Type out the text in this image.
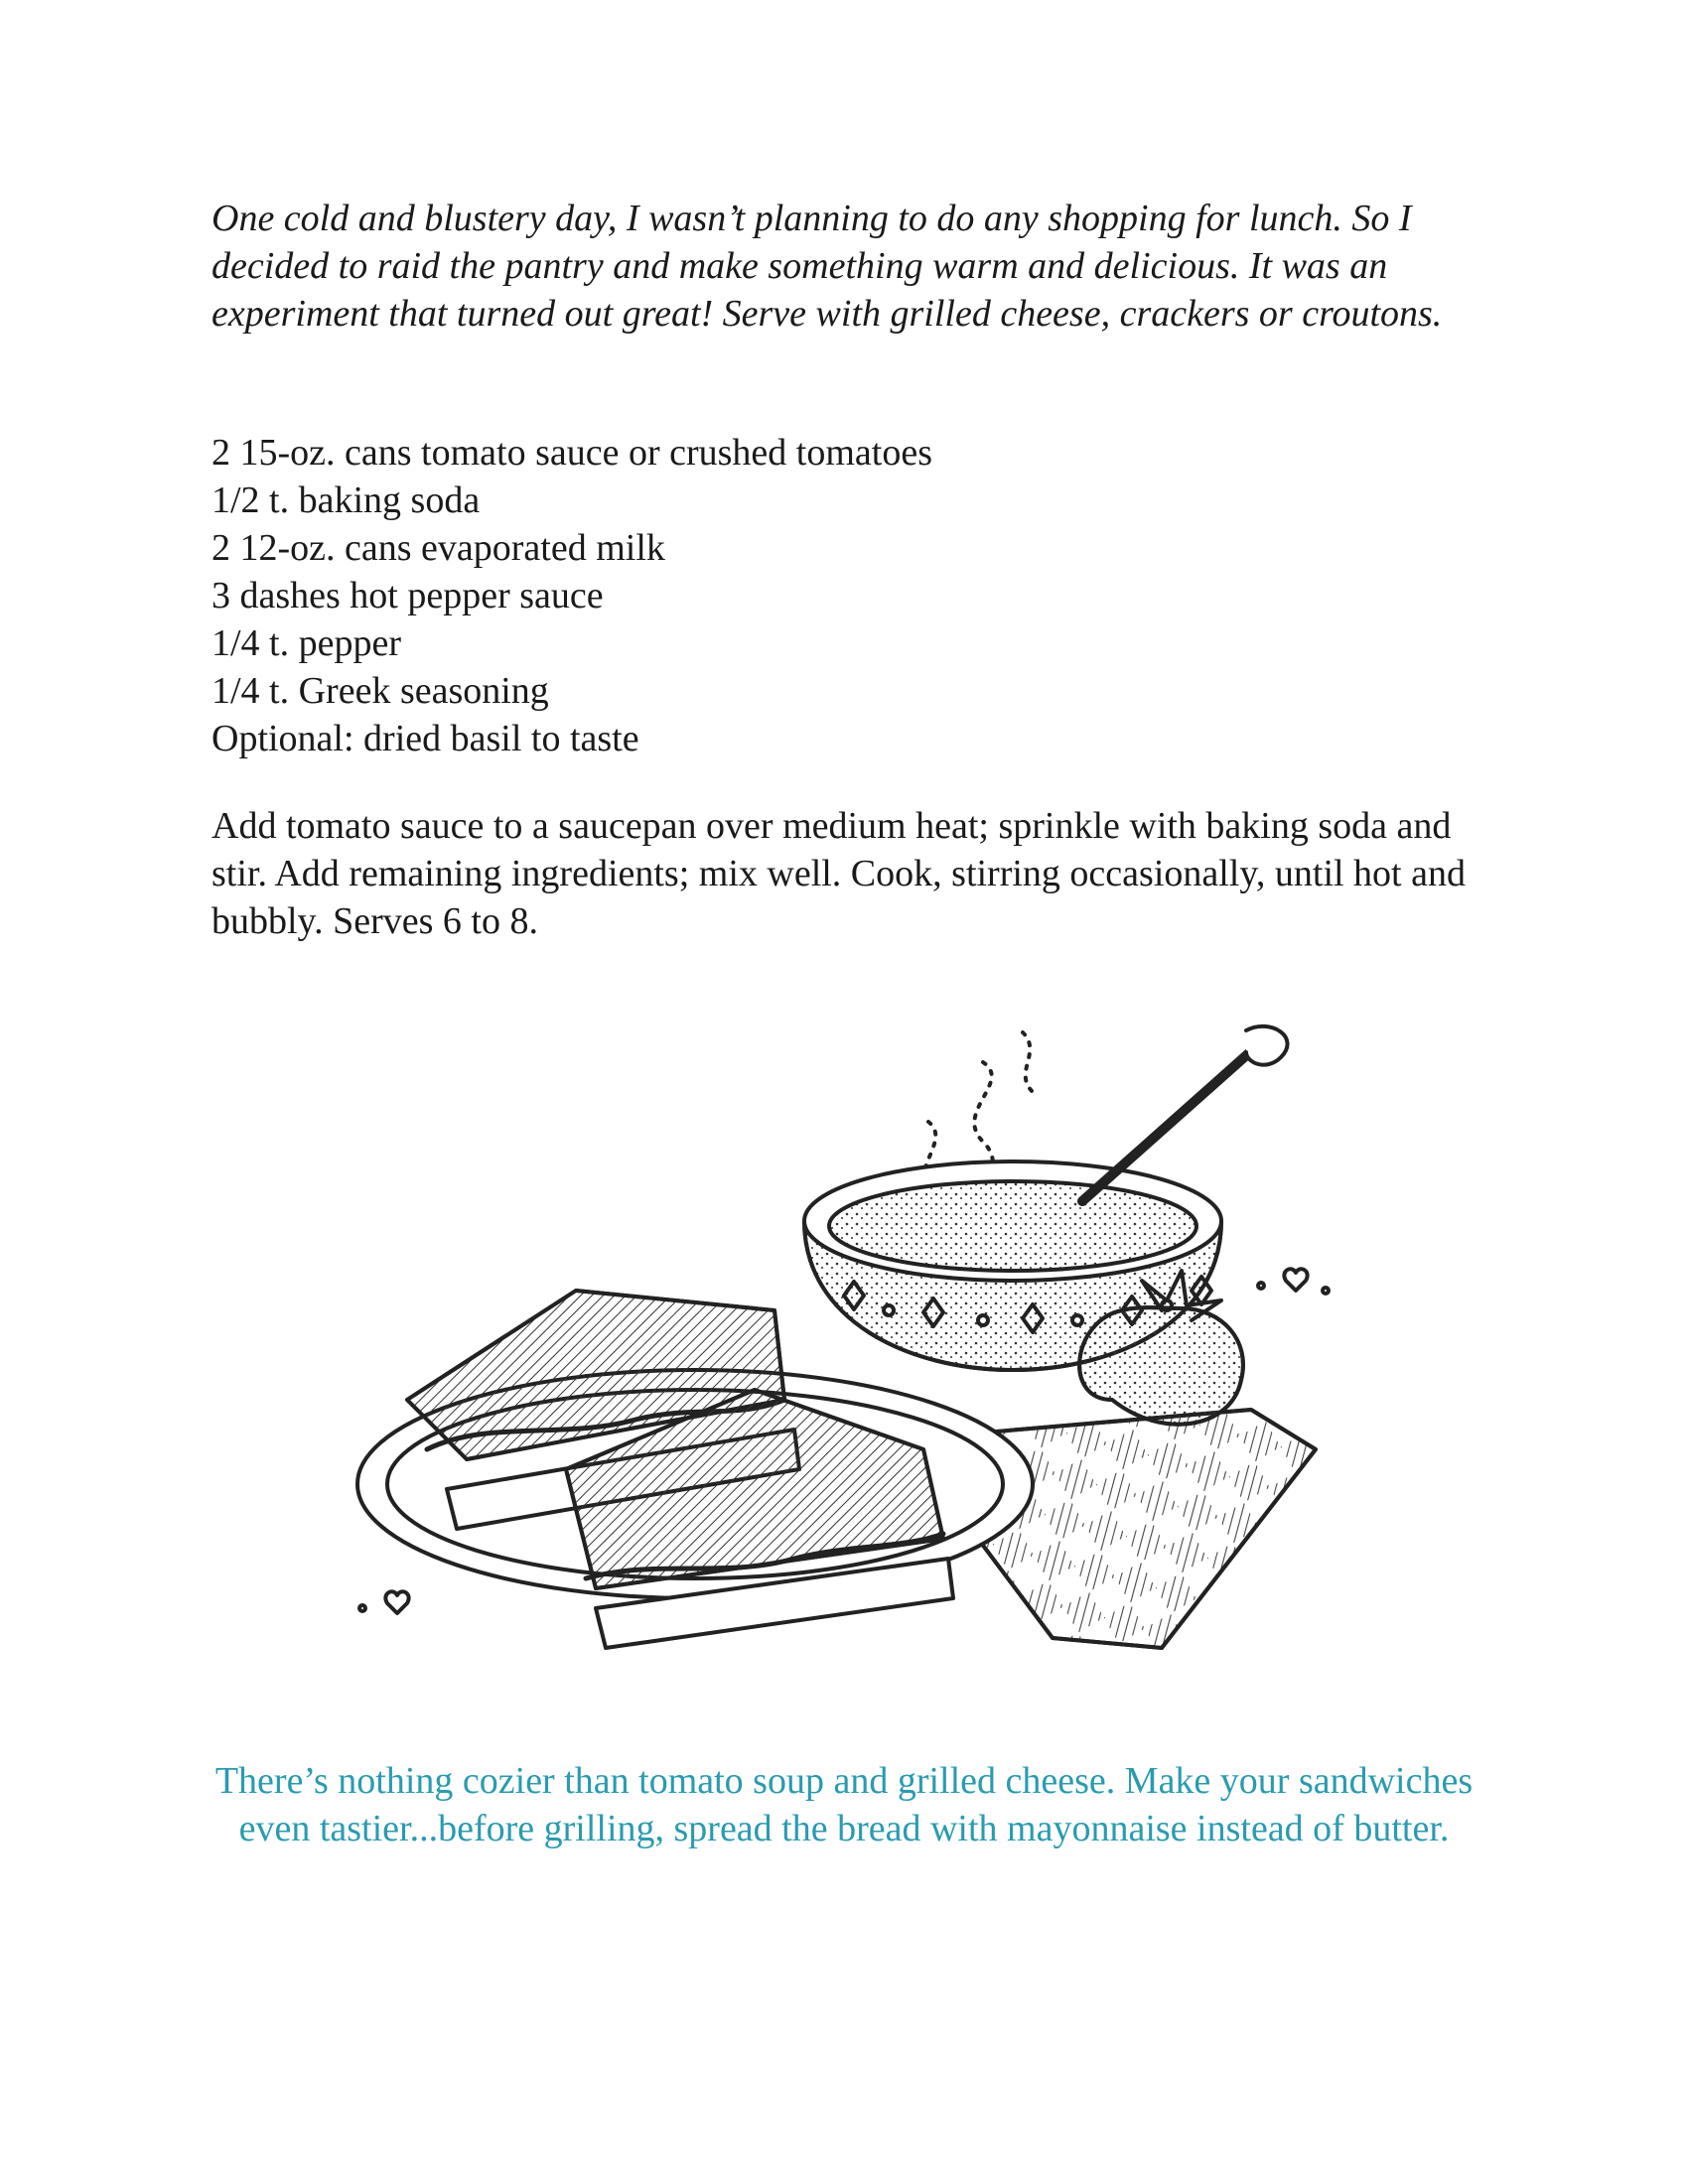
One cold and blustery day, I wasn’t planning to do any shopping for lunch. So I decided to raid the pantry and make something warm and delicious. It was an experiment that turned out great! Serve with grilled cheese, crackers or croutons.

2 15-oz. cans tomato sauce or crushed tomatoes
1/2 t. baking soda
2 12-oz. cans evaporated milk
3 dashes hot pepper sauce
1/4 t. pepper
1/4 t. Greek seasoning
Optional: dried basil to taste

Add tomato sauce to a saucepan over medium heat; sprinkle with baking soda and stir. Add remaining ingredients; mix well. Cook, stirring occasionally, until hot and bubbly. Serves 6 to 8.

There’s nothing cozier than tomato soup and grilled cheese. Make your sandwiches even tastier...before grilling, spread the bread with mayonnaise instead of butter.
